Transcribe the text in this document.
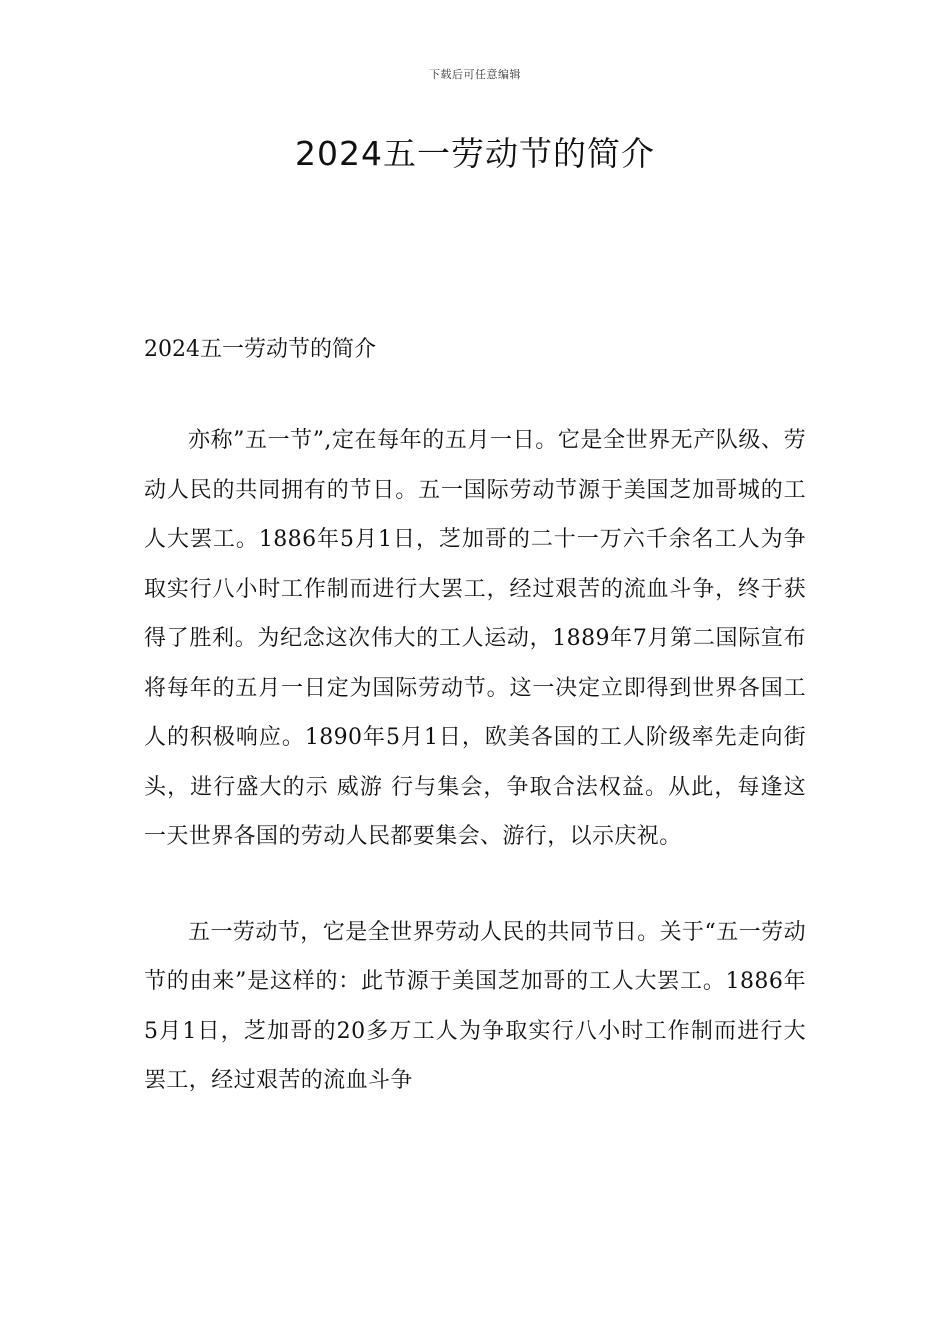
下载后可任意编辑
2024五一劳动节的简介

2024五一劳动节的简介

亦称”五一节”,定在每年的五月一日。它是全世界无产队级、劳动人民的共同拥有的节日。五一国际劳动节源于美国芝加哥城的工人大罢工。1886年5月1日，芝加哥的二十一万六千余名工人为争取实行八小时工作制而进行大罢工，经过艰苦的流血斗争，终于获得了胜利。为纪念这次伟大的工人运动，1889年7月第二国际宣布将每年的五月一日定为国际劳动节。这一决定立即得到世界各国工人的积极响应。1890年5月1日，欧美各国的工人阶级率先走向街头，进行盛大的示 威游 行与集会，争取合法权益。从此，每逢这一天世界各国的劳动人民都要集会、游行，以示庆祝。

五一劳动节，它是全世界劳动人民的共同节日。关于“五一劳动节的由来”是这样的：此节源于美国芝加哥的工人大罢工。1886年5月1日，芝加哥的20多万工人为争取实行八小时工作制而进行大罢工，经过艰苦的流血斗争
